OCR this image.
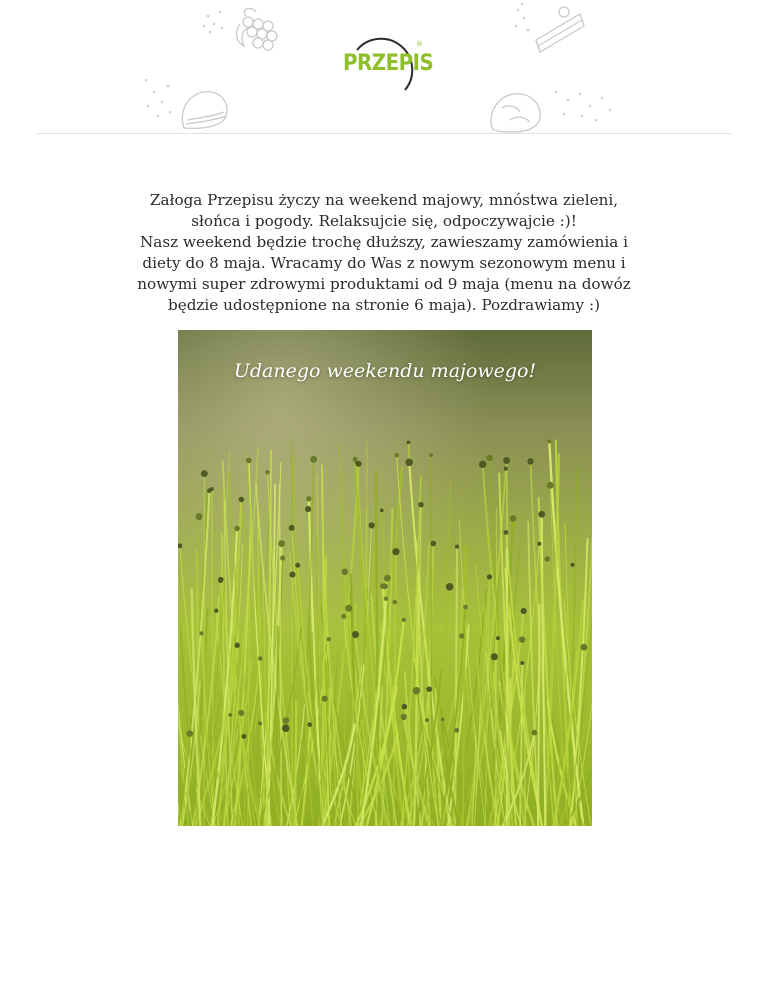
PRZEPIS
®
Załoga Przepisu życzy na weekend majowy, mnóstwa zieleni,
słońca i pogody. Relaksujcie się, odpoczywajcie :)!
Nasz weekend będzie trochę dłuższy, zawieszamy zamówienia i
diety do 8 maja. Wracamy do Was z nowym sezonowym menu i
nowymi super zdrowymi produktami od 9 maja (menu na dowóz
będzie udostępnione na stronie 6 maja). Pozdrawiamy :)
Udanego weekendu majowego!
